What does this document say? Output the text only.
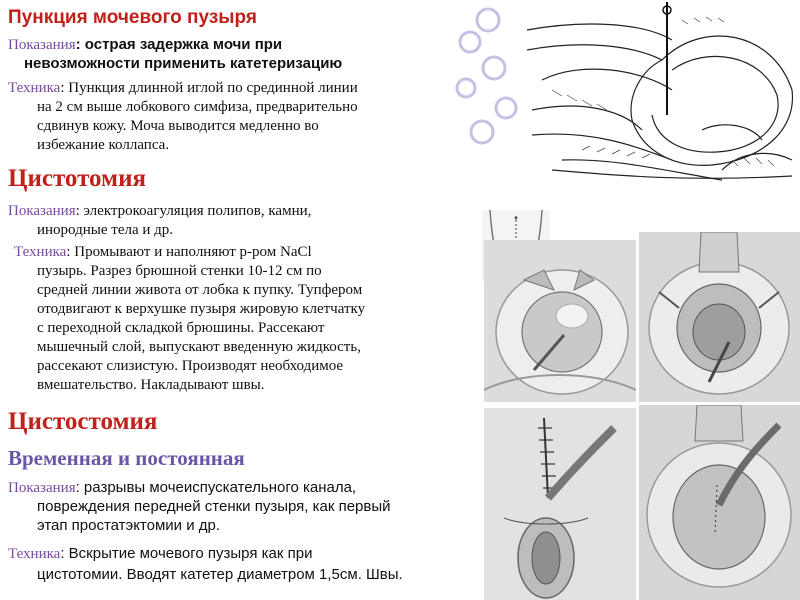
Пункция мочевого пузыря
Показания: острая задержка мочи при
невозможности применить катетеризацию
Техника: Пункция длинной иглой по срединной линии
на 2 см выше лобкового симфиза, предварительно
сдвинув кожу. Моча выводится медленно во
избежание коллапса.
Цистотомия
Показания: электрокоагуляция полипов, камни,
инородные тела и др.
Техника: Промывают и наполняют р-ром NaCl
пузырь. Разрез брюшной стенки 10-12 см по
средней линии живота от лобка к пупку. Тупфером
отодвигают к верхушке пузыря жировую клетчатку
с переходной складкой брюшины. Рассекают
мышечный слой, выпускают введенную жидкость,
рассекают слизистую. Производят необходимое
вмешательство. Накладывают швы.
Цистостомия
Временная и постоянная
Показания: разрывы мочеиспускательного канала,
повреждения передней стенки пузыря, как первый
этап простатэктомии и др.
Техника: Вскрытие мочевого пузыря как при
цистотомии. Вводят катетер диаметром 1,5см. Швы.
